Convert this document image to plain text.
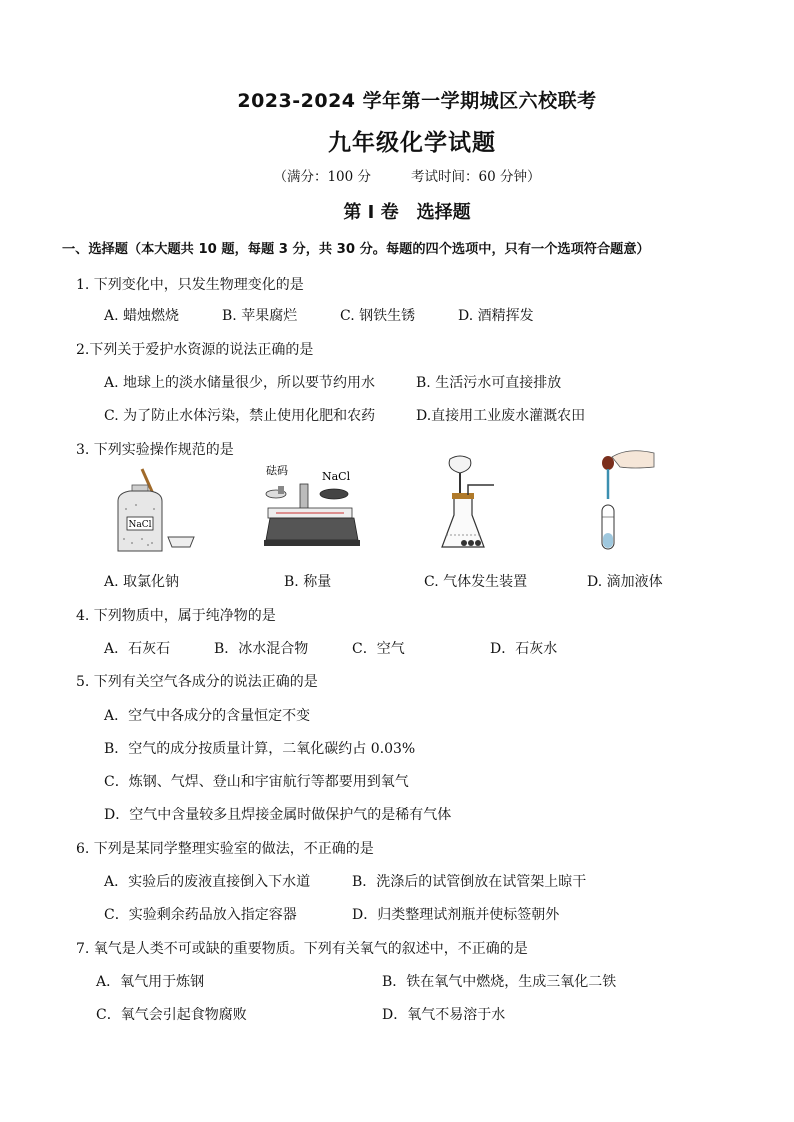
2023-2024 学年第一学期城区六校联考
九年级化学试题
（满分：100 分	考试时间：60 分钟）
第 Ⅰ 卷　选择题
一、选择题（本大题共 10 题，每题 3 分，共 30 分。每题的四个选项中，只有一个选项符合题意）
1. 下列变化中，只发生物理变化的是
A. 蜡烛燃烧	B. 苹果腐烂	C. 钢铁生锈	D. 酒精挥发
2.下列关于爱护水资源的说法正确的是
A. 地球上的淡水储量很少，所以要节约用水	B. 生活污水可直接排放
C. 为了防止水体污染，禁止使用化肥和农药	D.直接用工业废水灌溉农田
3. 下列实验操作规范的是
NaCl
砝码	NaCl
A. 取氯化钠	B. 称量	C. 气体发生装置	D. 滴加液体
4. 下列物质中，属于纯净物的是
A．石灰石	B．冰水混合物	C．空气	D．石灰水
5. 下列有关空气各成分的说法正确的是
A．空气中各成分的含量恒定不变
B．空气的成分按质量计算，二氧化碳约占 0.03%
C．炼钢、气焊、登山和宇宙航行等都要用到氧气
D．空气中含量较多且焊接金属时做保护气的是稀有气体
6. 下列是某同学整理实验室的做法，不正确的是
A．实验后的废液直接倒入下水道	B．洗涤后的试管倒放在试管架上晾干
C．实验剩余药品放入指定容器	D．归类整理试剂瓶并使标签朝外
7. 氧气是人类不可或缺的重要物质。下列有关氧气的叙述中，不正确的是
A．氧气用于炼钢	B．铁在氧气中燃烧，生成三氧化二铁
C．氧气会引起食物腐败	D．氧气不易溶于水
